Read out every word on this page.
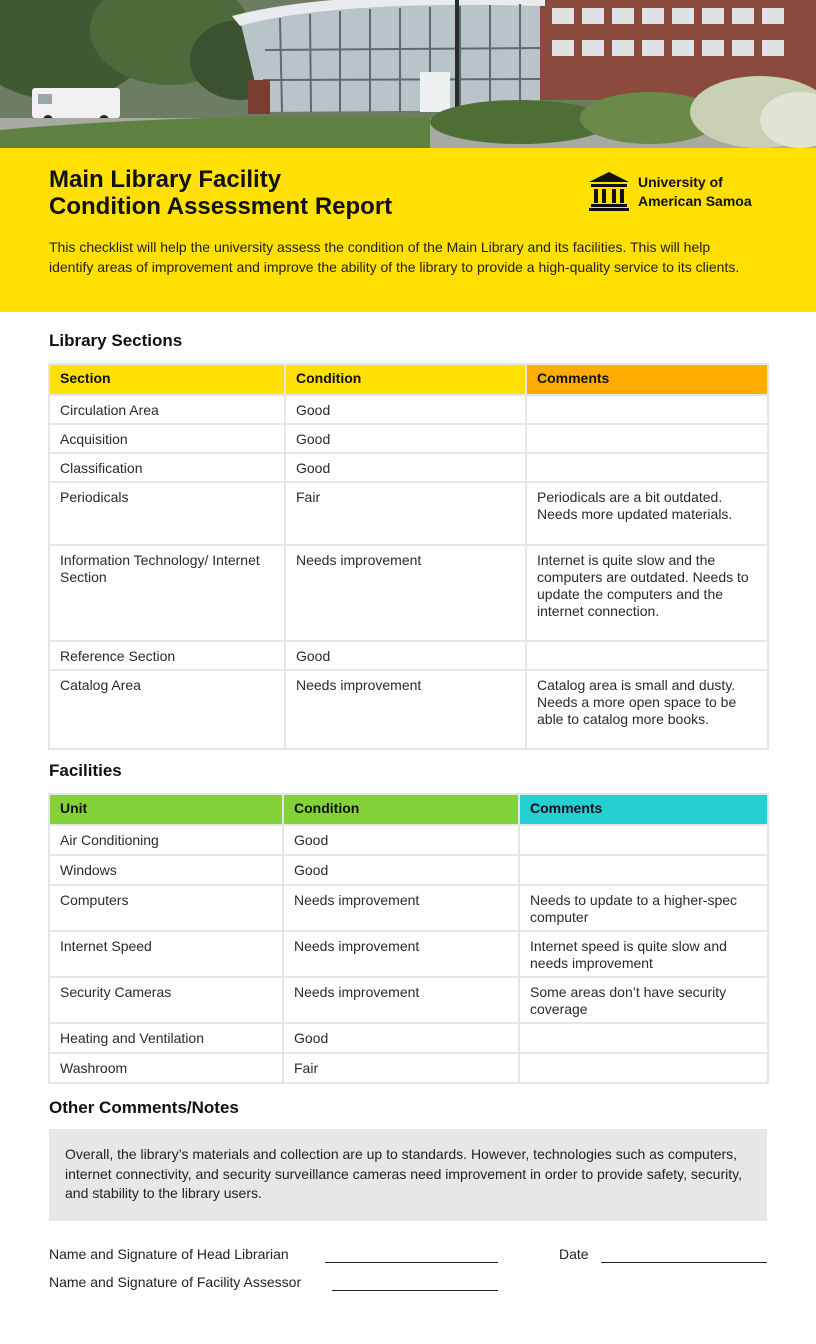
Main Library Facility
Condition Assessment Report
University of
American Samoa

This checklist will help the university assess the condition of the Main Library and its facilities. This will help identify areas of improvement and improve the ability of the library to provide a high-quality service to its clients.

Library Sections
Section	Condition	Comments
Circulation Area	Good	
Acquisition	Good	
Classification	Good	
Periodicals	Fair	Periodicals are a bit outdated. Needs more updated materials.
Information Technology/ Internet Section	Needs improvement	Internet is quite slow and the computers are outdated. Needs to update the computers and the internet connection.
Reference Section	Good	
Catalog Area	Needs improvement	Catalog area is small and dusty. Needs a more open space to be able to catalog more books.
Facilities
Unit	Condition	Comments
Air Conditioning	Good	
Windows	Good	
Computers	Needs improvement	Needs to update to a higher-spec computer
Internet Speed	Needs improvement	Internet speed is quite slow and needs improvement
Security Cameras	Needs improvement	Some areas don’t have security coverage
Heating and Ventilation	Good	
Washroom	Fair	
Other Comments/Notes

Overall, the library’s materials and collection are up to standards. However, technologies such as computers, internet connectivity, and security surveillance cameras need improvement in order to provide safety, security, and stability to the library users.

Name and Signature of Head Librarian	Date
Name and Signature of Facility Assessor
